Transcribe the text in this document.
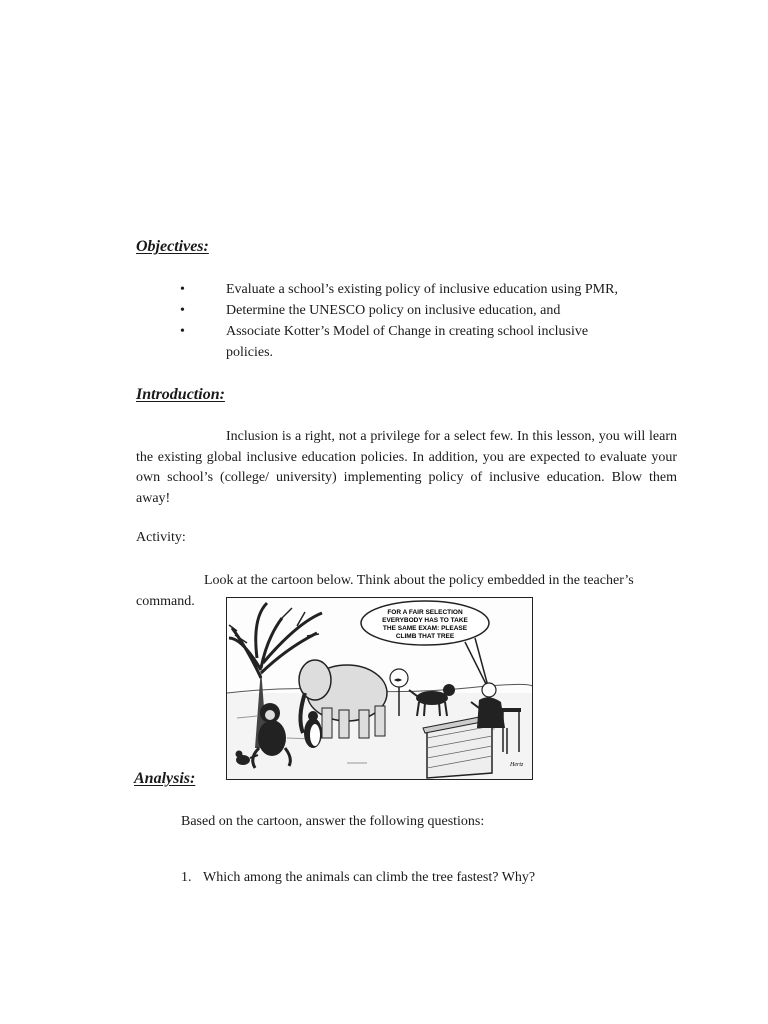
Objectives:
•	Evaluate a school’s existing policy of inclusive education using PMR,
•	Determine the UNESCO policy on inclusive education, and
•	Associate Kotter’s Model of Change in creating school inclusive policies.
Introduction:
Inclusion is a right, not a privilege for a select few. In this lesson, you will learn the existing global inclusive education policies. In addition, you are expected to evaluate your own school’s (college/ university) implementing policy of inclusive education. Blow them away!
Activity:
Look at the cartoon below. Think about the policy embedded in the teacher’s command.
FOR A FAIR SELECTION
EVERYBODY HAS TO TAKE
THE SAME EXAM: PLEASE
CLIMB THAT TREE
Hertz
Analysis:
Based on the cartoon, answer the following questions:
1. Which among the animals can climb the tree fastest? Why?
